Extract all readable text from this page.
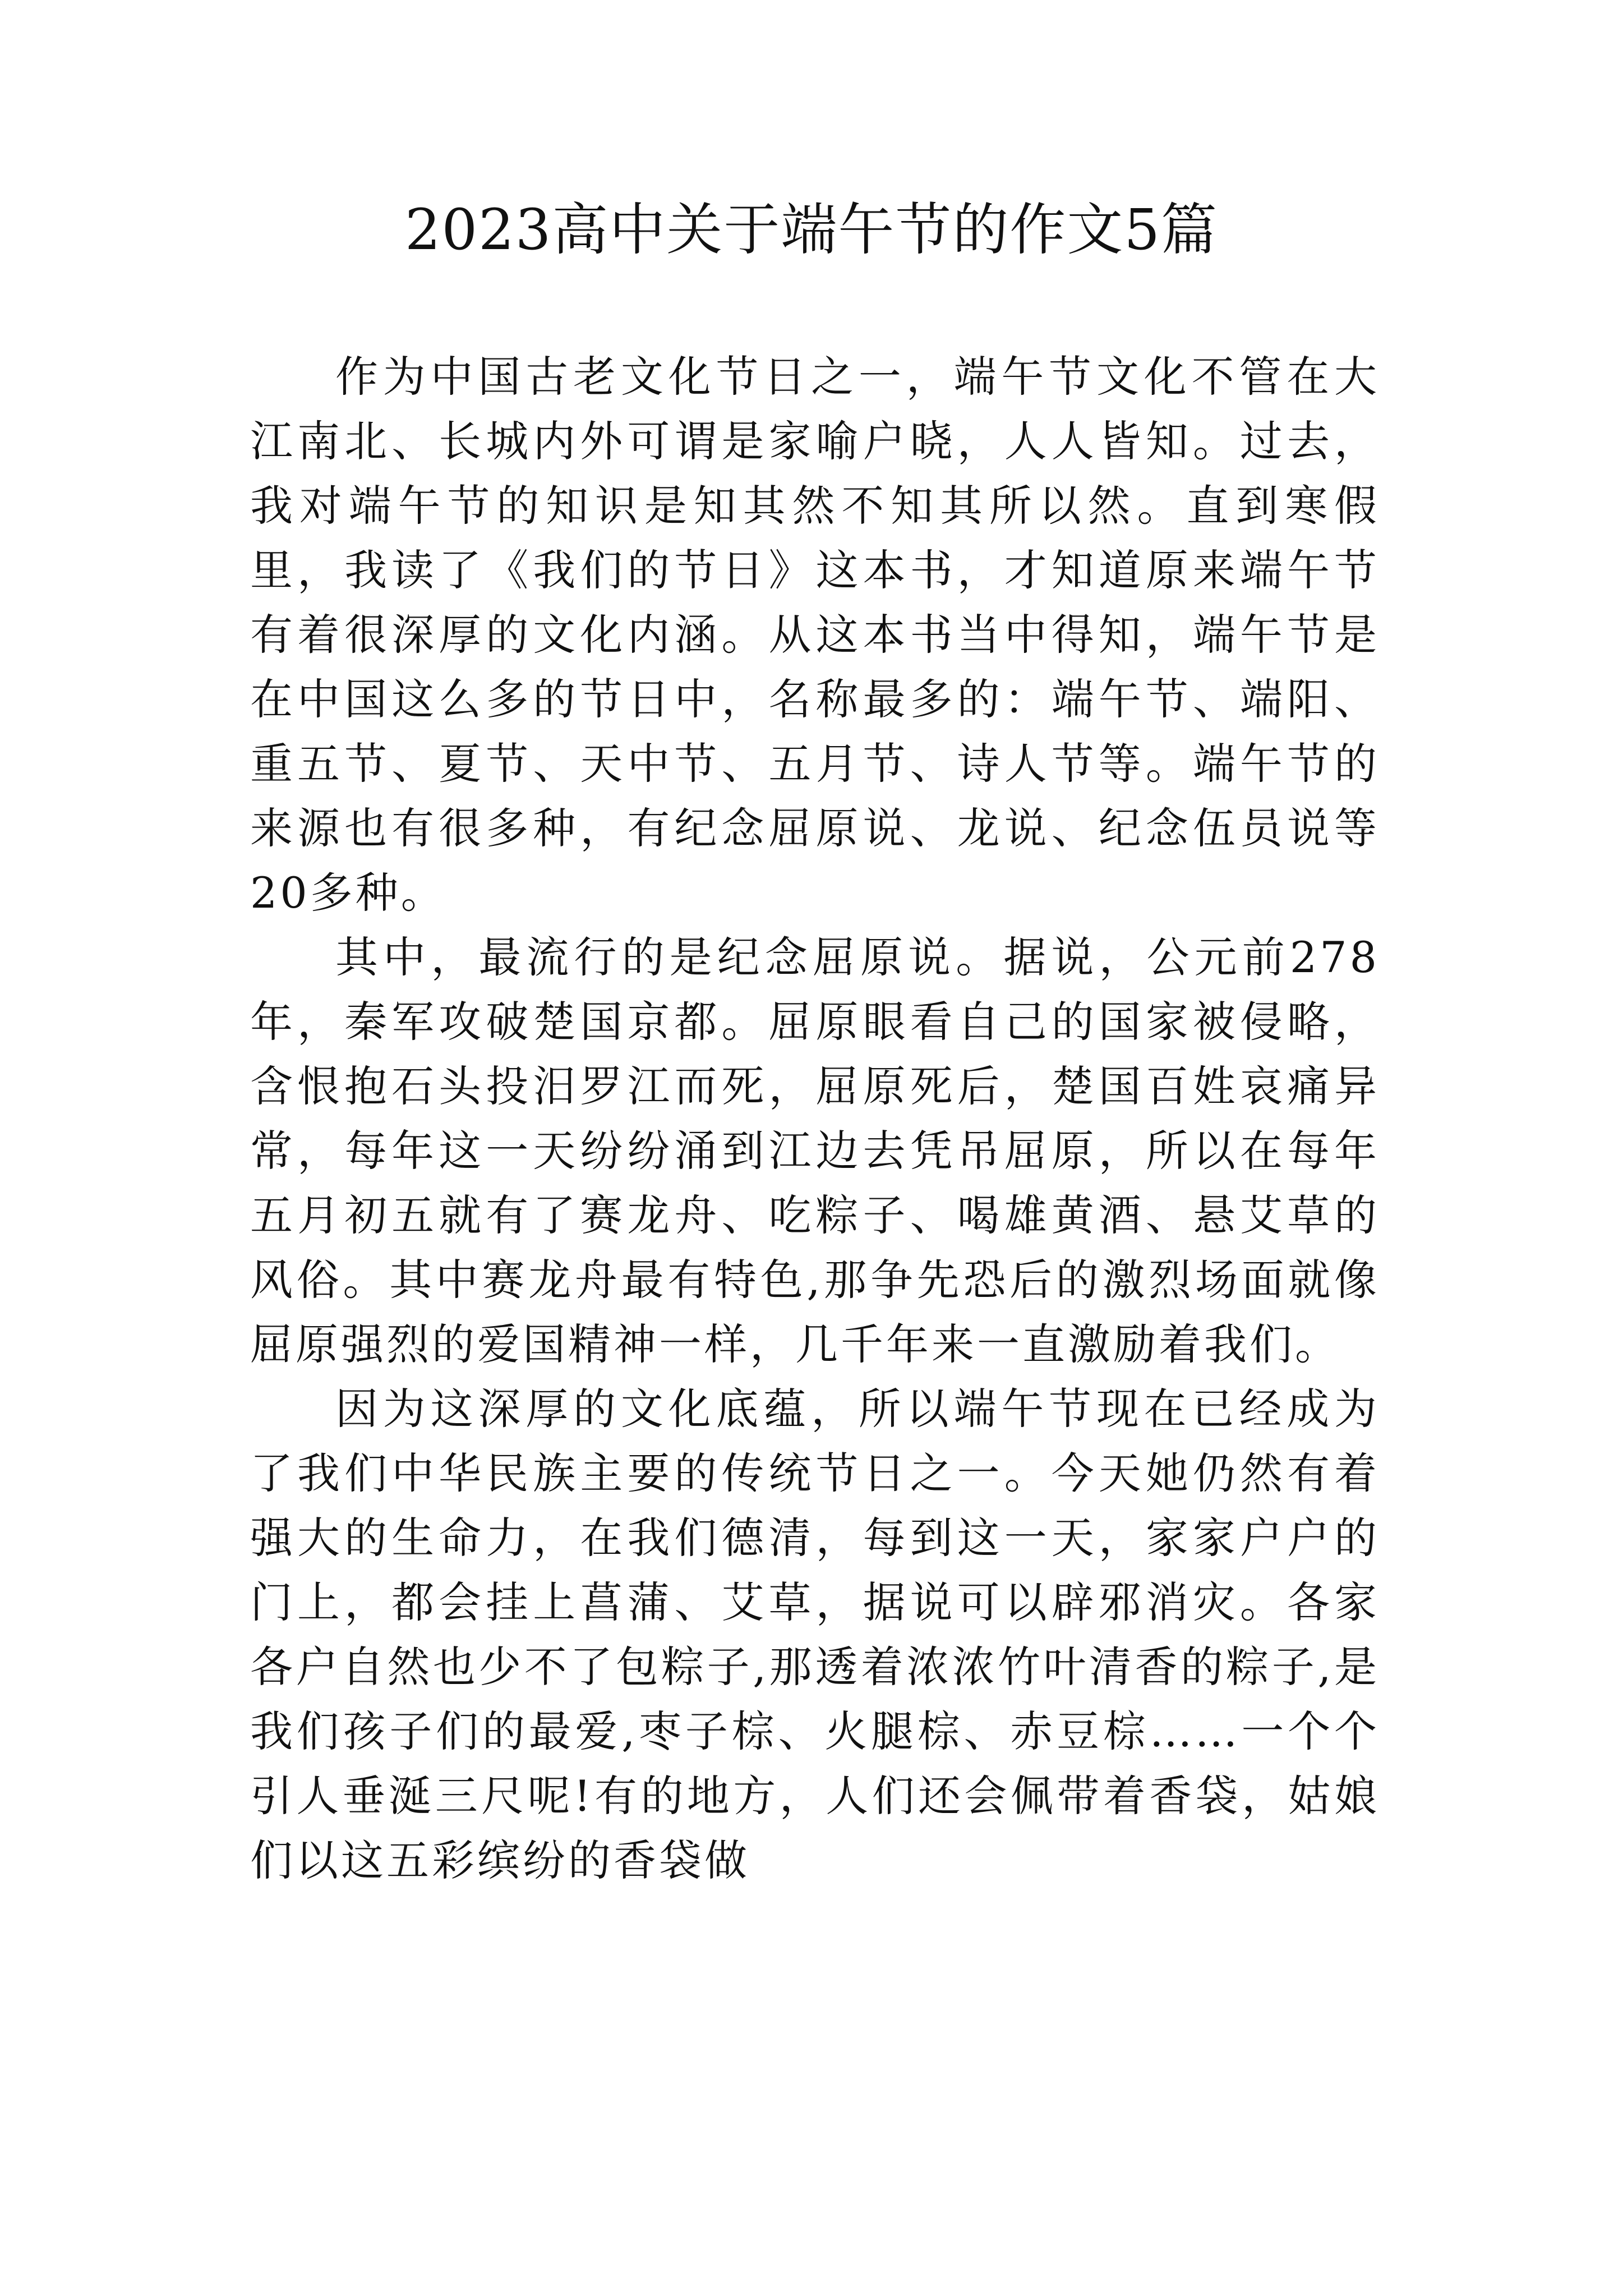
2023高中关于端午节的作文5篇

作为中国古老文化节日之一，端午节文化不管在大江南北、长城内外可谓是家喻户晓，人人皆知。过去，我对端午节的知识是知其然不知其所以然。直到寒假里，我读了《我们的节日》这本书，才知道原来端午节有着很深厚的文化内涵。从这本书当中得知，端午节是在中国这么多的节日中，名称最多的：端午节、端阳、重五节、夏节、天中节、五月节、诗人节等。端午节的来源也有很多种，有纪念屈原说、龙说、纪念伍员说等20多种。

其中，最流行的是纪念屈原说。据说，公元前278年，秦军攻破楚国京都。屈原眼看自己的国家被侵略，含恨抱石头投汨罗江而死，屈原死后，楚国百姓哀痛异常，每年这一天纷纷涌到江边去凭吊屈原，所以在每年五月初五就有了赛龙舟、吃粽子、喝雄黄酒、悬艾草的风俗。其中赛龙舟最有特色,那争先恐后的激烈场面就像屈原强烈的爱国精神一样，几千年来一直激励着我们。

因为这深厚的文化底蕴，所以端午节现在已经成为了我们中华民族主要的传统节日之一。今天她仍然有着强大的生命力，在我们德清，每到这一天，家家户户的门上，都会挂上菖蒲、艾草，据说可以辟邪消灾。各家各户自然也少不了包粽子,那透着浓浓竹叶清香的粽子,是我们孩子们的最爱,枣子棕、火腿棕、赤豆棕……一个个引人垂涎三尺呢!有的地方，人们还会佩带着香袋，姑娘们以这五彩缤纷的香袋做
